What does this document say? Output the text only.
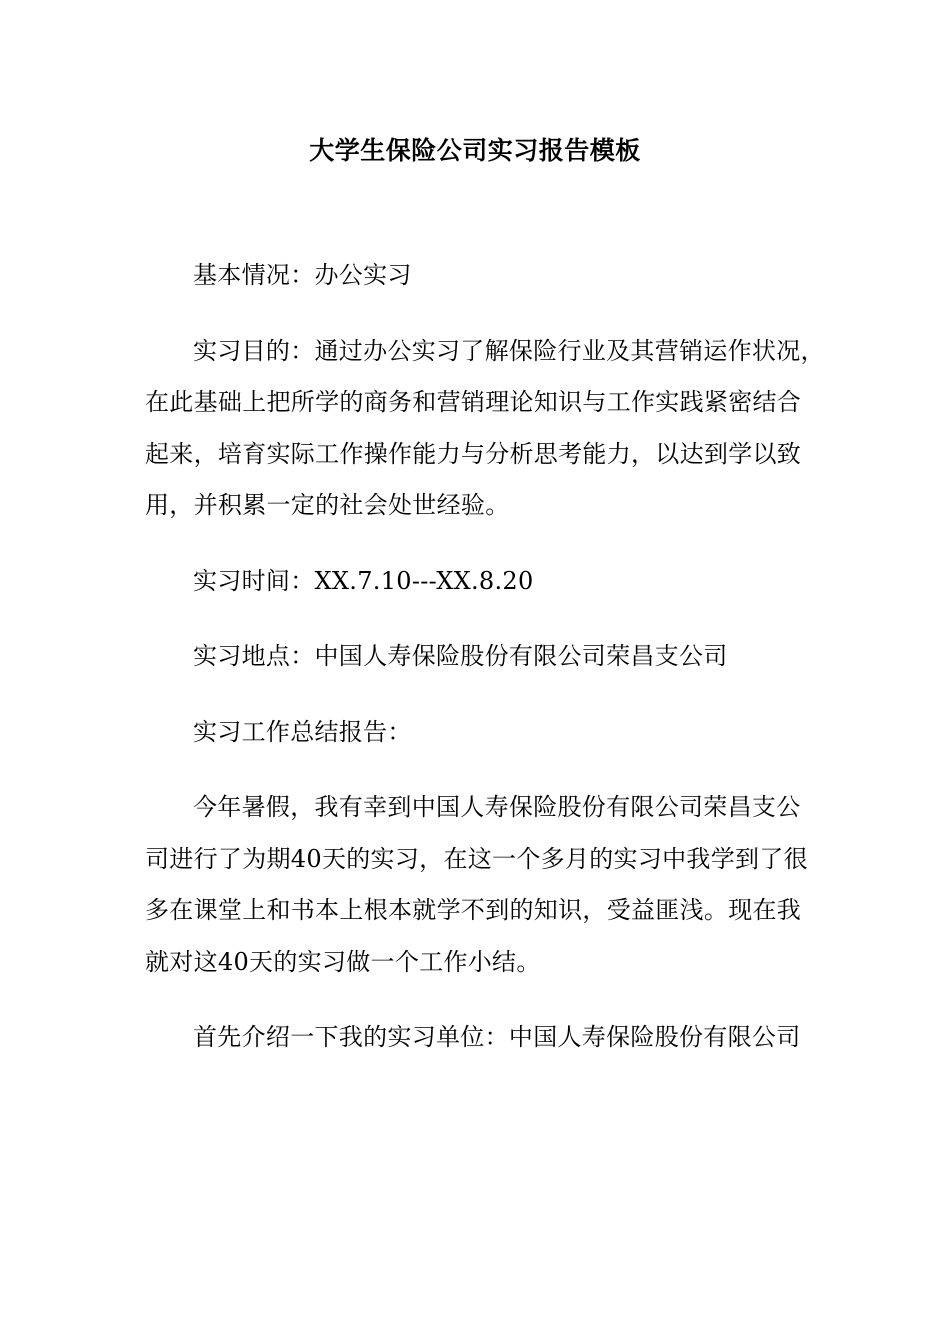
大学生保险公司实习报告模板

基本情况：办公实习

实习目的：通过办公实习了解保险行业及其营销运作状况，
在此基础上把所学的商务和营销理论知识与工作实践紧密结合
起来，培育实际工作操作能力与分析思考能力，以达到学以致
用，并积累一定的社会处世经验。

实习时间：XX.7.10---XX.8.20

实习地点：中国人寿保险股份有限公司荣昌支公司

实习工作总结报告：

今年暑假，我有幸到中国人寿保险股份有限公司荣昌支公
司进行了为期40天的实习，在这一个多月的实习中我学到了很
多在课堂上和书本上根本就学不到的知识，受益匪浅。现在我
就对这40天的实习做一个工作小结。

首先介绍一下我的实习单位：中国人寿保险股份有限公司
